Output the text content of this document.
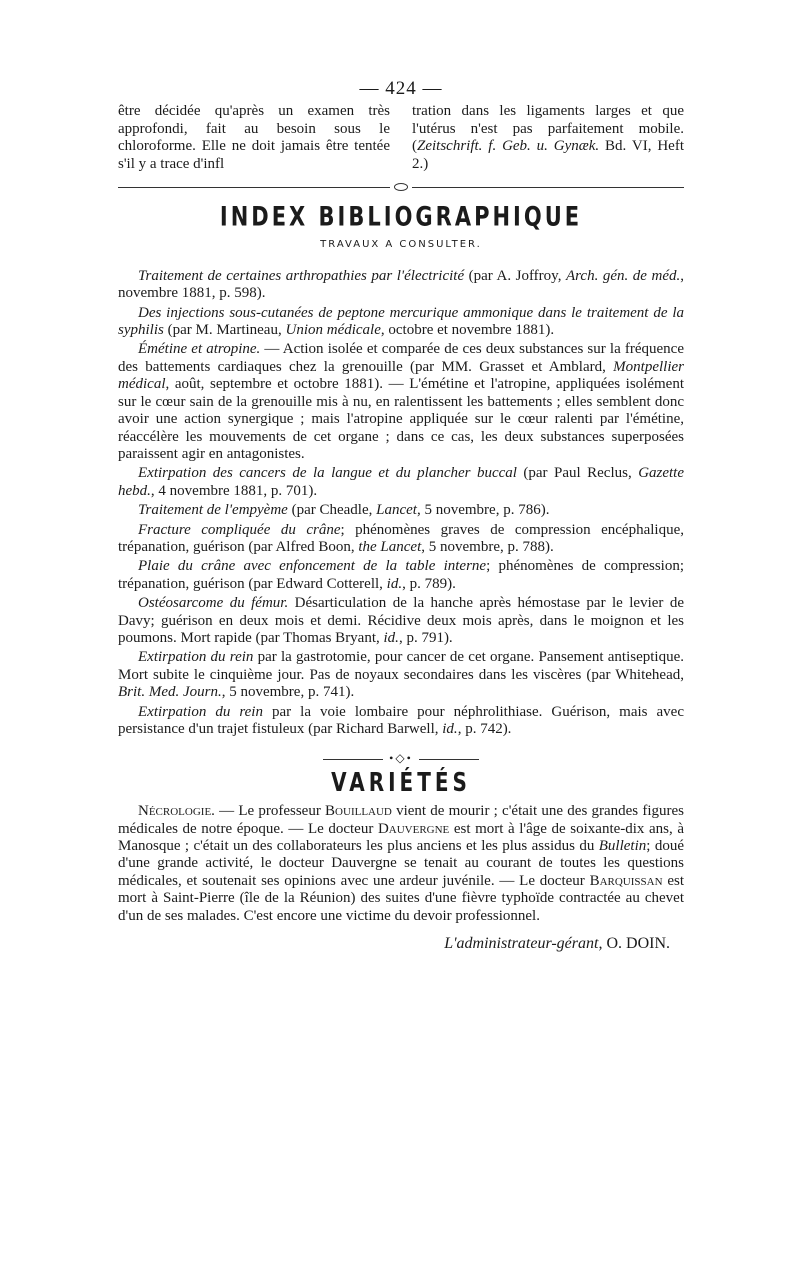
— 424 —

être décidée qu'après un examen très approfondi, fait au besoin sous le chloroforme. Elle ne doit jamais être tentée s'il y a trace d'infl

tration dans les ligaments larges et que l'utérus n'est pas parfaitement mobile. (Zeitschrift. f. Geb. u. Gynæk. Bd. VI, Heft 2.)

INDEX BIBLIOGRAPHIQUE
TRAVAUX A CONSULTER.

Traitement de certaines arthropathies par l'électricité (par A. Joffroy, Arch. gén. de méd., novembre 1881, p. 598).

Des injections sous-cutanées de peptone mercurique ammonique dans le traitement de la syphilis (par M. Martineau, Union médicale, octobre et novembre 1881).

Émétine et atropine. — Action isolée et comparée de ces deux substances sur la fréquence des battements cardiaques chez la grenouille (par MM. Grasset et Amblard, Montpellier médical, août, septembre et octobre 1881). — L'émétine et l'atropine, appliquées isolément sur le cœur sain de la grenouille mis à nu, en ralentissent les battements ; elles semblent donc avoir une action synergique ; mais l'atropine appliquée sur le cœur ralenti par l'émétine, réaccélère les mouvements de cet organe ; dans ce cas, les deux substances superposées paraissent agir en antagonistes.

Extirpation des cancers de la langue et du plancher buccal (par Paul Reclus, Gazette hebd., 4 novembre 1881, p. 701).

Traitement de l'empyème (par Cheadle, Lancet, 5 novembre, p. 786).

Fracture compliquée du crâne; phénomènes graves de compression encéphalique, trépanation, guérison (par Alfred Boon, the Lancet, 5 novembre, p. 788).

Plaie du crâne avec enfoncement de la table interne; phénomènes de compression; trépanation, guérison (par Edward Cotterell, id., p. 789).

Ostéosarcome du fémur. Désarticulation de la hanche après hémostase par le levier de Davy; guérison en deux mois et demi. Récidive deux mois après, dans le moignon et les poumons. Mort rapide (par Thomas Bryant, id., p. 791).

Extirpation du rein par la gastrotomie, pour cancer de cet organe. Pansement antiseptique. Mort subite le cinquième jour. Pas de noyaux secondaires dans les viscères (par Whitehead, Brit. Med. Journ., 5 novembre, p. 741).

Extirpation du rein par la voie lombaire pour néphrolithiase. Guérison, mais avec persistance d'un trajet fistuleux (par Richard Barwell, id., p. 742).

•◇•
VARIÉTÉS

Nécrologie. — Le professeur Bouillaud vient de mourir ; c'était une des grandes figures médicales de notre époque. — Le docteur Dauvergne est mort à l'âge de soixante-dix ans, à Manosque ; c'était un des collaborateurs les plus anciens et les plus assidus du Bulletin; doué d'une grande activité, le docteur Dauvergne se tenait au courant de toutes les questions médicales, et soutenait ses opinions avec une ardeur juvénile. — Le docteur Barquissan est mort à Saint-Pierre (île de la Réunion) des suites d'une fièvre typhoïde contractée au chevet d'un de ses malades. C'est encore une victime du devoir professionnel.

L'administrateur-gérant, O. DOIN.
